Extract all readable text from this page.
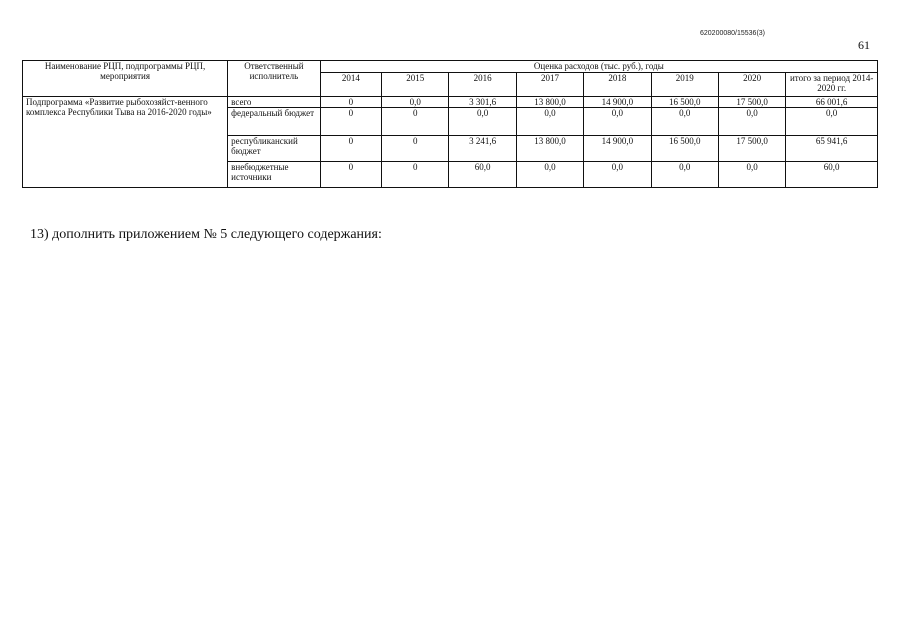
620200080/15536(3)
61
Наименование РЦП, подпрограммы РЦП, мероприятия	Ответственный исполнитель	Оценка расходов (тыс. руб.), годы							
		2014	2015	2016	2017	2018	2019	2020	итого за период 2014-2020 гг.
Подпрограмма «Развитие рыбохозяйст-венного комплекса Республики Тыва на 2016-2020 годы»	всего	0	0,0	3 301,6	13 800,0	14 900,0	16 500,0	17 500,0	66 001,6
	федеральный бюджет	0	0	0,0	0,0	0,0	0,0	0,0	0,0
	республиканский бюджет	0	0	3 241,6	13 800,0	14 900,0	16 500,0	17 500,0	65 941,6
	внебюджетные источники	0	0	60,0	0,0	0,0	0,0	0,0	60,0
13) дополнить приложением № 5 следующего содержания:
